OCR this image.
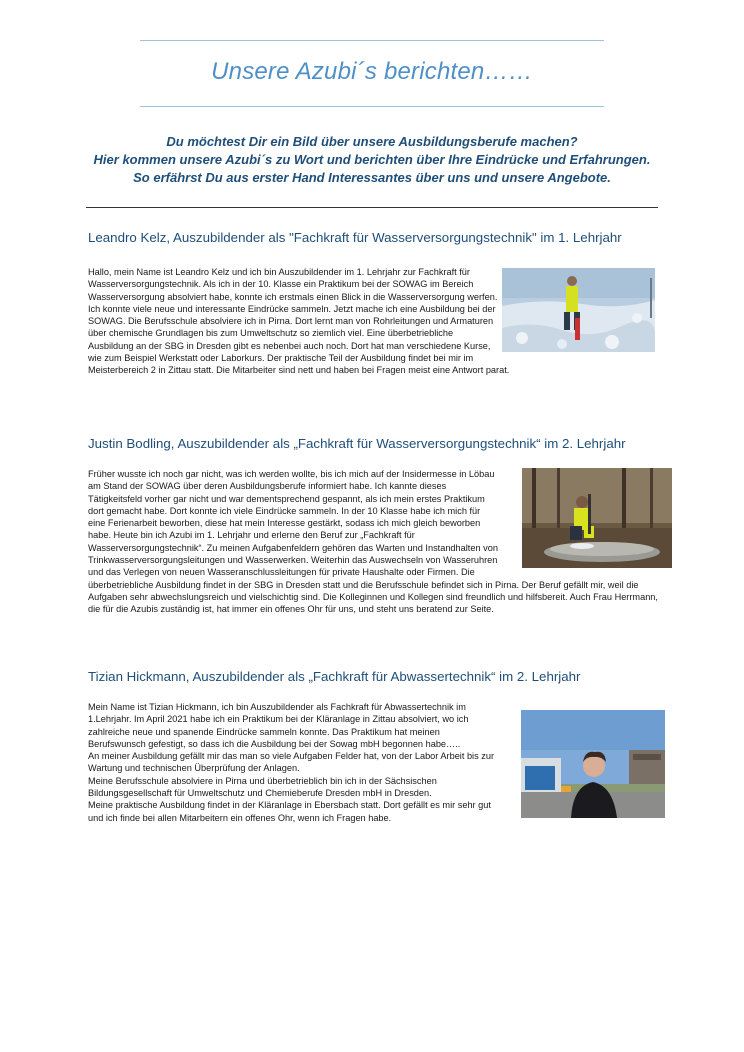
Unsere Azubi´s berichten……
Du möchtest Dir ein Bild über unsere Ausbildungsberufe machen?
Hier kommen unsere Azubi´s zu Wort und berichten über Ihre Eindrücke und Erfahrungen.
So erfährst Du aus erster Hand Interessantes über uns und unsere Angebote.
Leandro Kelz, Auszubildender als "Fachkraft für Wasserversorgungstechnik" im 1. Lehrjahr

Hallo, mein Name ist Leandro Kelz und ich bin Auszubildender im 1. Lehrjahr zur Fachkraft für Wasserversorgungstechnik. Als ich in der 10. Klasse ein Praktikum bei der SOWAG im Bereich Wasserversorgung absolviert habe, konnte ich erstmals einen Blick in die Wasserversorgung werfen. Ich konnte viele neue und interessante Eindrücke sammeln. Jetzt mache ich eine Ausbildung bei der SOWAG. Die Berufsschule absolviere ich in Pirna. Dort lernt man von Rohrleitungen und Armaturen über chemische Grundlagen bis zum Umweltschutz so ziemlich viel. Eine überbetriebliche Ausbildung an der SBG in Dresden gibt es nebenbei auch noch. Dort hat man verschiedene Kurse, wie zum Beispiel Werkstatt oder Laborkurs. Der praktische Teil der Ausbildung findet bei mir im Meisterbereich 2 in Zittau statt. Die Mitarbeiter sind nett und haben bei Fragen meist eine Antwort parat.

Justin Bodling, Auszubildender als „Fachkraft für Wasserversorgungstechnik“ im 2. Lehrjahr

Früher wusste ich noch gar nicht, was ich werden wollte, bis ich mich auf der Insidermesse in Löbau am Stand der SOWAG über deren Ausbildungsberufe informiert habe. Ich kannte dieses Tätigkeitsfeld vorher gar nicht und war dementsprechend gespannt, als ich mein erstes Praktikum dort gemacht habe. Dort konnte ich viele Eindrücke sammeln. In der 10 Klasse habe ich mich für eine Ferienarbeit beworben, diese hat mein Interesse gestärkt, sodass ich mich gleich beworben habe. Heute bin ich Azubi im 1. Lehrjahr und erlerne den Beruf zur „Fachkraft für Wasserversorgungstechnik“. Zu meinen Aufgabenfeldern gehören das Warten und Instandhalten von Trinkwasserversorgungsleitungen und Wasserwerken. Weiterhin das Auswechseln von Wasseruhren und das Verlegen von neuen Wasseranschlussleitungen für private Haushalte oder Firmen. Die überbetriebliche Ausbildung findet in der SBG in Dresden statt und die Berufsschule befindet sich in Pirna. Der Beruf gefällt mir, weil die Aufgaben sehr abwechslungsreich und vielschichtig sind. Die Kolleginnen und Kollegen sind freundlich und hilfsbereit. Auch Frau Herrmann, die für die Azubis zuständig ist, hat immer ein offenes Ohr für uns, und steht uns beratend zur Seite.

Tizian Hickmann, Auszubildender als „Fachkraft für Abwassertechnik“ im 2. Lehrjahr

Mein Name ist Tizian Hickmann, ich bin Auszubildender als Fachkraft für Abwassertechnik im 1.Lehrjahr. Im April 2021 habe ich ein Praktikum bei der Kläranlage in Zittau absolviert, wo ich zahlreiche neue und spanende Eindrücke sammeln konnte. Das Praktikum hat meinen Berufswunsch gefestigt, so dass ich die Ausbildung bei der Sowag mbH begonnen habe…..

An meiner Ausbildung gefällt mir das man so viele Aufgaben Felder hat, von der Labor Arbeit bis zur Wartung und technischen Überprüfung der Anlagen.

Meine Berufsschule absolviere in Pirna und überbetrieblich bin ich in der Sächsischen Bildungsgesellschaft für Umweltschutz und Chemieberufe Dresden mbH in Dresden.

Meine praktische Ausbildung findet in der Kläranlage in Ebersbach statt. Dort gefällt es mir sehr gut und ich finde bei allen Mitarbeitern ein offenes Ohr, wenn ich Fragen habe.
